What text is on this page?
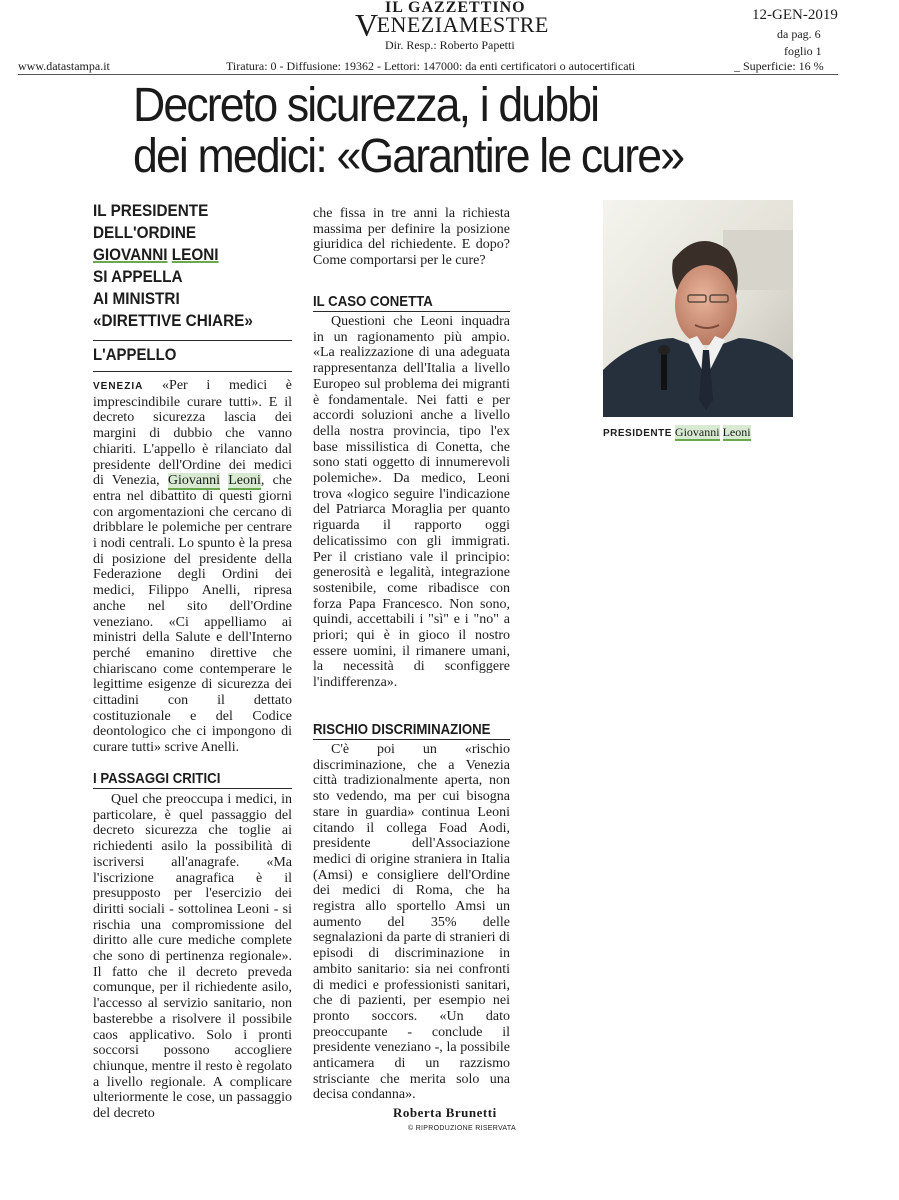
IL GAZZETTINO
VENEZIAMESTRE
Dir. Resp.: Roberto Papetti
12-GEN-2019
da pag. 6
foglio 1
www.datastampa.it	Tiratura: 0 - Diffusione: 19362 - Lettori: 147000: da enti certificatori o autocertificati	_ Superficie: 16 %
Decreto sicurezza, i dubbi
dei medici: «Garantire le cure»
IL PRESIDENTE
DELL'ORDINE
GIOVANNI LEONI
SI APPELLA
AI MINISTRI
«DIRETTIVE CHIARE»
L'APPELLO

VENEZIA «Per i medici è imprescindibile curare tutti». E il decreto sicurezza lascia dei margini di dubbio che vanno chiariti. L'appello è rilanciato dal presidente dell'Ordine dei medici di Venezia, Giovanni Leoni, che entra nel dibattito di questi giorni con argomentazioni che cercano di dribblare le polemiche per centrare i nodi centrali. Lo spunto è la presa di posizione del presidente della Federazione degli Ordini dei medici, Filippo Anelli, ripresa anche nel sito dell'Ordine veneziano. «Ci appelliamo ai ministri della Salute e dell'Interno perché emanino direttive che chiariscano come contemperare le legittime esigenze di sicurezza dei cittadini con il dettato costituzionale e del Codice deontologico che ci impongono di curare tutti» scrive Anelli.

I PASSAGGI CRITICI

Quel che preoccupa i medici, in particolare, è quel passaggio del decreto sicurezza che toglie ai richiedenti asilo la possibilità di iscriversi all'anagrafe. «Ma l'iscrizione anagrafica è il presupposto per l'esercizio dei diritti sociali - sottolinea Leoni - si rischia una compromissione del diritto alle cure mediche complete che sono di pertinenza regionale». Il fatto che il decreto preveda comunque, per il richiedente asilo, l'accesso al servizio sanitario, non basterebbe a risolvere il possibile caos applicativo. Solo i pronti soccorsi possono accogliere chiunque, mentre il resto è regolato a livello regionale. A complicare ulteriormente le cose, un passaggio del decreto

che fissa in tre anni la richiesta massima per definire la posizione giuridica del richiedente. E dopo? Come comportarsi per le cure?

IL CASO CONETTA

Questioni che Leoni inquadra in un ragionamento più ampio. «La realizzazione di una adeguata rappresentanza dell'Italia a livello Europeo sul problema dei migranti è fondamentale. Nei fatti e per accordi soluzioni anche a livello della nostra provincia, tipo l'ex base missilistica di Conetta, che sono stati oggetto di innumerevoli polemiche». Da medico, Leoni trova «logico seguire l'indicazione del Patriarca Moraglia per quanto riguarda il rapporto oggi delicatissimo con gli immigrati. Per il cristiano vale il principio: generosità e legalità, integrazione sostenibile, come ribadisce con forza Papa Francesco. Non sono, quindi, accettabili i "sì" e i "no" a priori; qui è in gioco il nostro essere uomini, il rimanere umani, la necessità di sconfiggere l'indifferenza».

RISCHIO DISCRIMINAZIONE

C'è poi un «rischio discriminazione, che a Venezia città tradizionalmente aperta, non sto vedendo, ma per cui bisogna stare in guardia» continua Leoni citando il collega Foad Aodi, presidente dell'Associazione medici di origine straniera in Italia (Amsi) e consigliere dell'Ordine dei medici di Roma, che ha registra allo sportello Amsi un aumento del 35% delle segnalazioni da parte di stranieri di episodi di discriminazione in ambito sanitario: sia nei confronti di medici e professionisti sanitari, che di pazienti, per esempio nei pronto soccors. «Un dato preoccupante - conclude il presidente veneziano -, la possibile anticamera di un razzismo strisciante che merita solo una decisa condanna».

Roberta Brunetti
© RIPRODUZIONE RISERVATA
PRESIDENTE Giovanni Leoni
